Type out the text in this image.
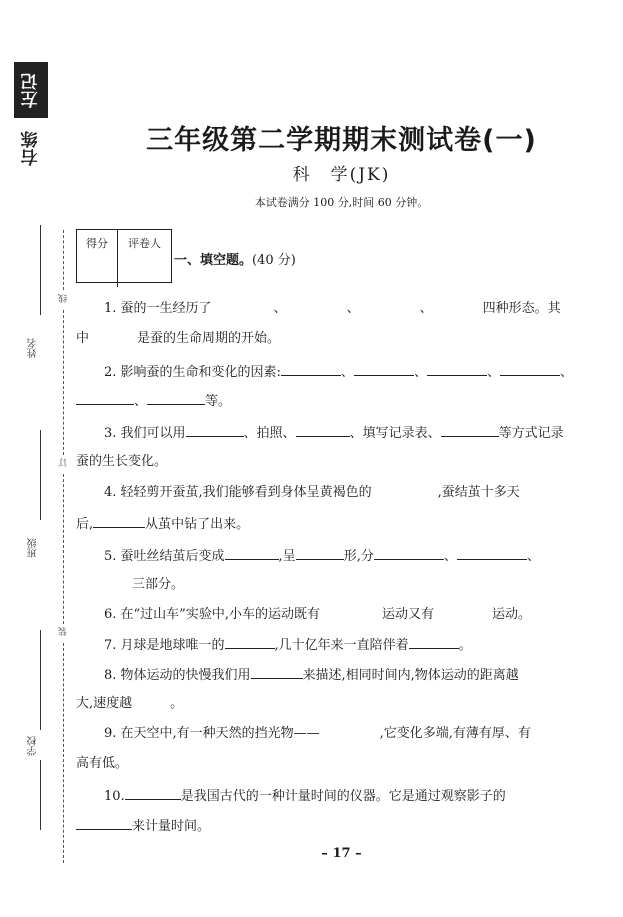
左记
右练
姓名
班级
学校
线
订
装
三年级第二学期期末测试卷(一)
科　学(JK)
本试卷满分 100 分,时间 60 分钟。
得分	评卷人
一、填空题。(40 分)
1. 蚕的一生经历了	、	、	、	四种形态。其
中	是蚕的生命周期的开始。
2. 影响蚕的生命和变化的因素:	、	、	、	、
、	等。
3. 我们可以用	、拍照、	、填写记录表、	等方式记录
蚕的生长变化。
4. 轻轻剪开蚕茧,我们能够看到身体呈黄褐色的	,蚕结茧十多天
后,	从茧中钻了出来。
5. 蚕吐丝结茧后变成	,呈	形,分	、	、
三部分。
6. 在“过山车”实验中,小车的运动既有	运动又有	运动。
7. 月球是地球唯一的	,几十亿年来一直陪伴着	。
8. 物体运动的快慢我们用	来描述,相同时间内,物体运动的距离越
大,速度越	。
9. 在天空中,有一种天然的挡光物——	,它变化多端,有薄有厚、有
高有低。
10.	是我国古代的一种计量时间的仪器。它是通过观察影子的
来计量时间。
– 17 –
